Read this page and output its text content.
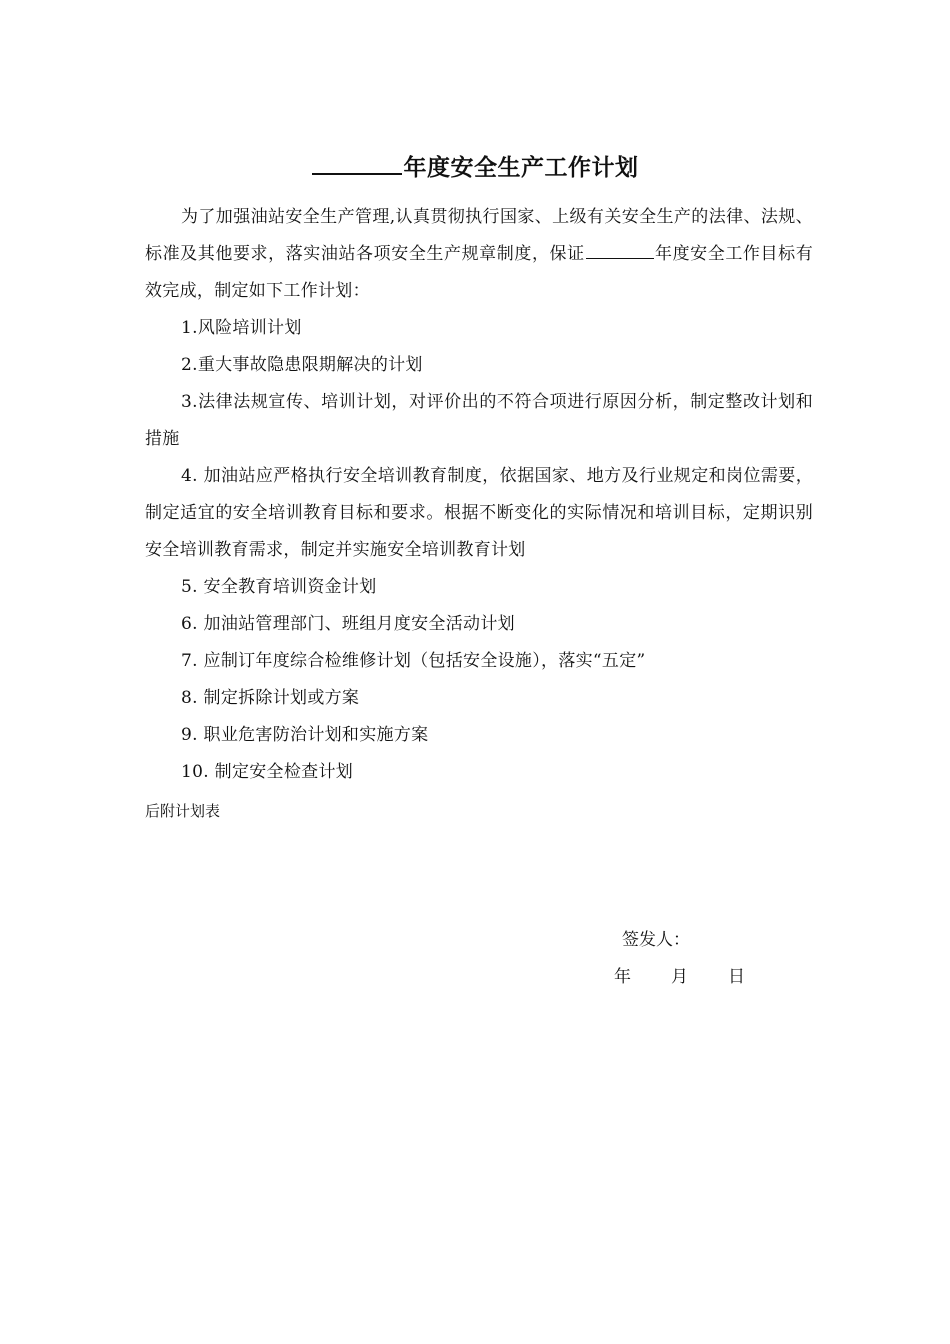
年度安全生产工作计划

为了加强油站安全生产管理,认真贯彻执行国家、上级有关安全生产的法律、法规、标准及其他要求，落实油站各项安全生产规章制度，保证	年度安全工作目标有效完成，制定如下工作计划：

1.风险培训计划

2.重大事故隐患限期解决的计划

3.法律法规宣传、培训计划，对评价出的不符合项进行原因分析，制定整改计划和措施

4. 加油站应严格执行安全培训教育制度，依据国家、地方及行业规定和岗位需要，制定适宜的安全培训教育目标和要求。根据不断变化的实际情况和培训目标，定期识别安全培训教育需求，制定并实施安全培训教育计划

5. 安全教育培训资金计划

6. 加油站管理部门、班组月度安全活动计划

7. 应制订年度综合检维修计划（包括安全设施），落实“五定”

8. 制定拆除计划或方案

9. 职业危害防治计划和实施方案

10. 制定安全检查计划

后附计划表
签发人：
年 月 日
